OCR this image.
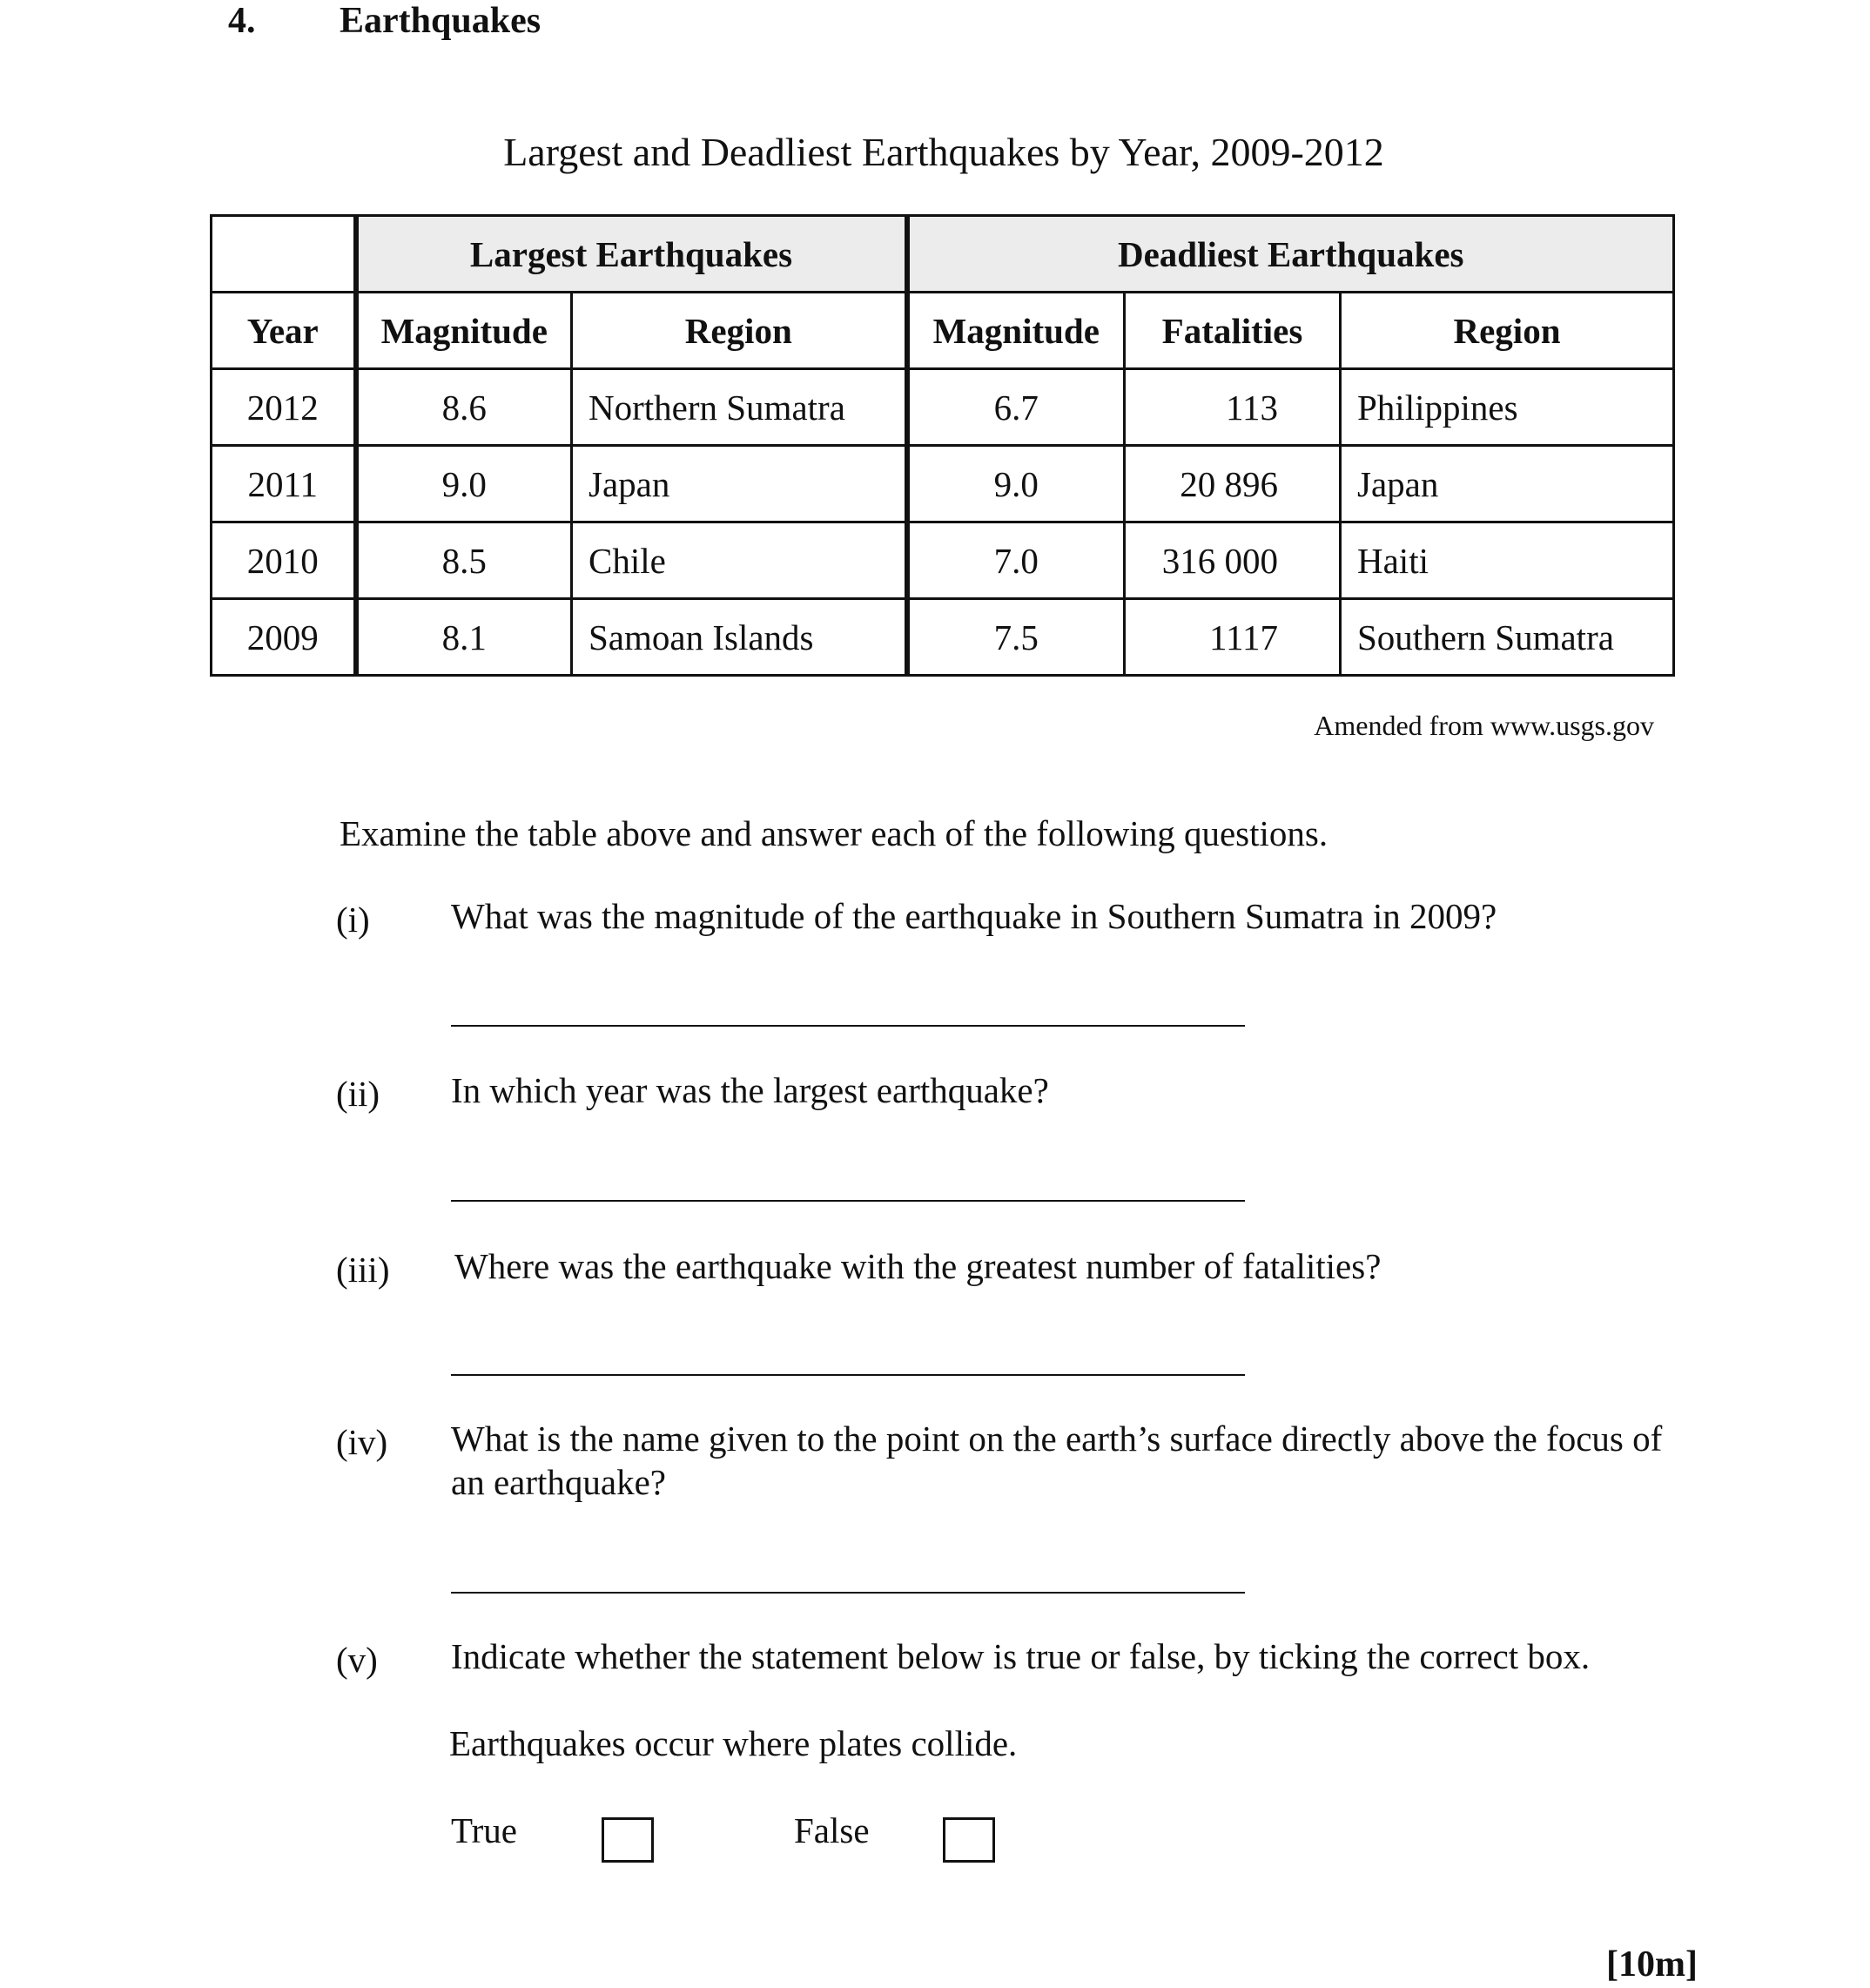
4. Earthquakes
Largest and Deadliest Earthquakes by Year, 2009-2012
	Largest Earthquakes		Deadliest Earthquakes		
Year	Magnitude	Region	Magnitude	Fatalities	Region
2012	8.6	Northern Sumatra	6.7	113	Philippines
2011	9.0	Japan	9.0	20 896	Japan
2010	8.5	Chile	7.0	316 000	Haiti
2009	8.1	Samoan Islands	7.5	1117	Southern Sumatra
Amended from www.usgs.gov
Examine the table above and answer each of the following questions.
(i) What was the magnitude of the earthquake in Southern Sumatra in 2009?
(ii) In which year was the largest earthquake?
(iii) Where was the earthquake with the greatest number of fatalities?
(iv) What is the name given to the point on the earth’s surface directly above the focus of an earthquake?
(v) Indicate whether the statement below is true or false, by ticking the correct box.
Earthquakes occur where plates collide.
True	False
[10m]
